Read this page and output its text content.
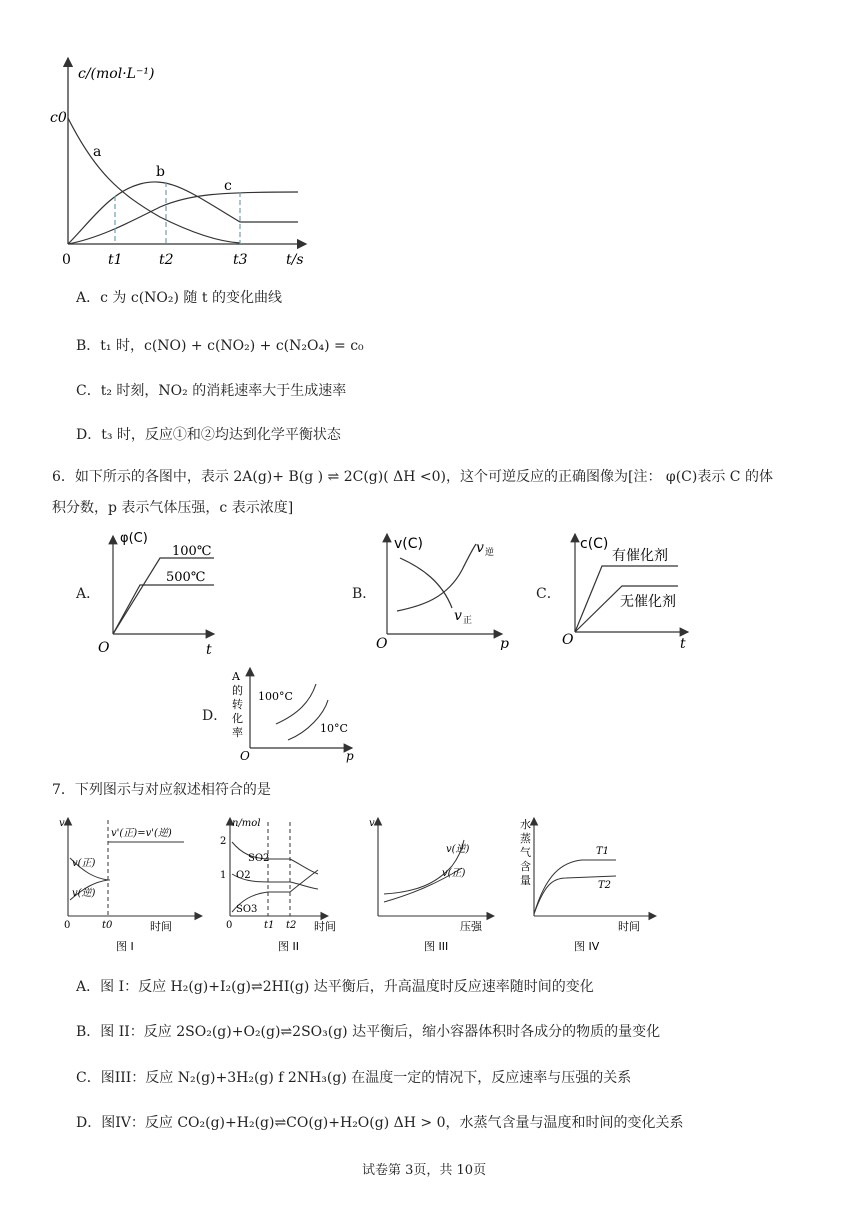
c/(mol·L⁻¹)
c0
0	t1	t2	t3	t/s
a
b
c
A．c 为 c(NO₂) 随 t 的变化曲线
B．t₁ 时，c(NO) + c(NO₂) + c(N₂O₄) = c₀
C．t₂ 时刻，NO₂ 的消耗速率大于生成速率
D．t₃ 时，反应①和②均达到化学平衡状态
6．如下所示的各图中，表示 2A(g)+ B(g ) ⇌ 2C(g)( ΔH <0)，这个可逆反应的正确图像为[注： φ(C)表示 C 的体
积分数，p 表示气体压强，c 表示浓度]
A．
φ(C)
100℃
500℃
O	t
B．
v(C)	v 逆
v 正
O	p
C．
c(C)
有催化剂
无催化剂
O	t
D．
A
的
转
化
率
100°C
10°C
O	p
7．下列图示与对应叙述相符合的是
v
v'(正)=v'(逆)
v(正)
v(逆)
0	t0	时间
图 I
n/mol
2
1
SO2
O2
SO3
0	t1 t2 时间
图 II
v
v(逆)
v(正)
压强
图 III
水
蒸
气
含
量
T1
T2
时间
图 IV
A．图 I：反应 H₂(g)+I₂(g)⇌2HI(g) 达平衡后，升高温度时反应速率随时间的变化
B．图 II：反应 2SO₂(g)+O₂(g)⇌2SO₃(g) 达平衡后，缩小容器体积时各成分的物质的量变化
C．图III：反应 N₂(g)+3H₂(g) f 2NH₃(g) 在温度一定的情况下，反应速率与压强的关系
D．图IV：反应 CO₂(g)+H₂(g)⇌CO(g)+H₂O(g) ΔH > 0，水蒸气含量与温度和时间的变化关系
试卷第 3页，共 10页
